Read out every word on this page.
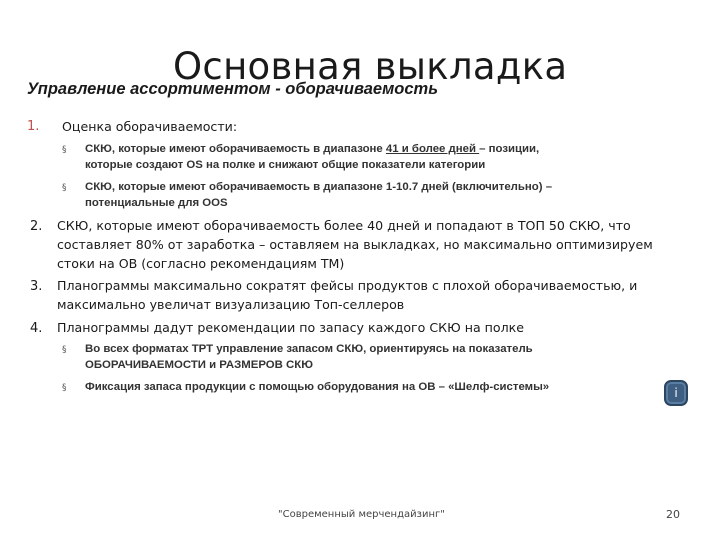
Основная выкладка
Управление ассортиментом - оборачиваемость
1. Оценка оборачиваемости:
§ СКЮ, которые имеют оборачиваемость в диапазоне 41 и более дней – позиции,
которые создают OS на полке и снижают общие показатели категории
§ СКЮ, которые имеют оборачиваемость в диапазоне 1-10.7 дней (включительно) –
потенциальные для OOS
2. СКЮ, которые имеют оборачиваемость более 40 дней и попадают в ТОП 50 СКЮ, что
составляет 80% от заработка – оставляем на выкладках, но максимально оптимизируем
стоки на ОВ (согласно рекомендациям ТМ)
3. Планограммы максимально сократят фейсы продуктов с плохой оборачиваемостью, и
максимально увеличат визуализацию Топ-селлеров
4. Планограммы дадут рекомендации по запасу каждого СКЮ на полке
§ Во всех форматах ТРТ управление запасом СКЮ, ориентируясь на показатель
ОБОРАЧИВАЕМОСТИ и РАЗМЕРОВ СКЮ
§ Фиксация запаса продукции с помощью оборудования на ОВ – «Шелф-системы»	i
"Современный мерчендайзинг"	20
